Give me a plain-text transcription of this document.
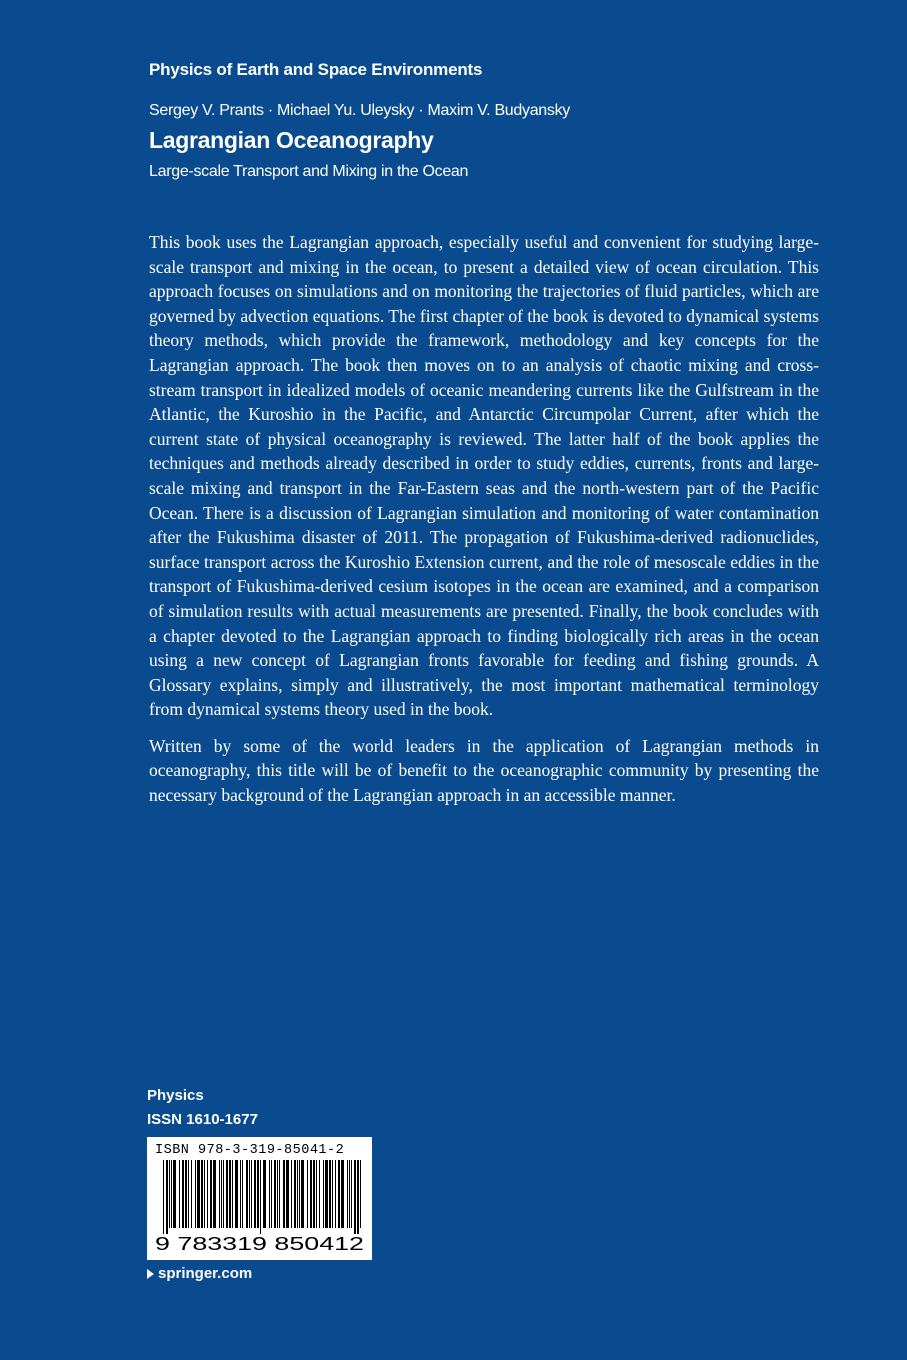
Physics of Earth and Space Environments
Sergey V. Prants · Michael Yu. Uleysky · Maxim V. Budyansky
Lagrangian Oceanography
Large-scale Transport and Mixing in the Ocean

This book uses the Lagrangian approach, especially useful and convenient for studying large-scale transport and mixing in the ocean, to present a detailed view of ocean circulation. This approach focuses on simulations and on monitoring the trajectories of fluid particles, which are governed by advection equations. The first chapter of the book is devoted to dynamical systems theory methods, which provide the framework, methodology and key concepts for the Lagrangian approach. The book then moves on to an analysis of chaotic mixing and cross-stream transport in idealized models of oceanic meandering currents like the Gulfstream in the Atlantic, the Kuroshio in the Pacific, and Antarctic Circumpolar Current, after which the current state of physical oceanography is reviewed. The latter half of the book applies the techniques and methods already described in order to study eddies, currents, fronts and large-scale mixing and transport in the Far-Eastern seas and the north-western part of the Pacific Ocean. There is a discussion of Lagrangian simulation and monitoring of water contamination after the Fukushima disaster of 2011. The propagation of Fukushima-derived radionuclides, surface transport across the Kuroshio Extension current, and the role of mesoscale eddies in the transport of Fukushima-derived cesium isotopes in the ocean are examined, and a comparison of simulation results with actual measurements are presented. Finally, the book concludes with a chapter devoted to the Lagrangian approach to finding biologically rich areas in the ocean using a new concept of Lagrangian fronts favorable for feeding and fishing grounds. A Glossary explains, simply and illustratively, the most important mathematical terminology from dynamical systems theory used in the book.

Written by some of the world leaders in the application of Lagrangian methods in oceanography, this title will be of benefit to the oceanographic community by presenting the necessary background of the Lagrangian approach in an accessible manner.

Physics
ISSN 1610-1677
ISBN 978-3-319-85041-2
9 783319 850412
springer.com
